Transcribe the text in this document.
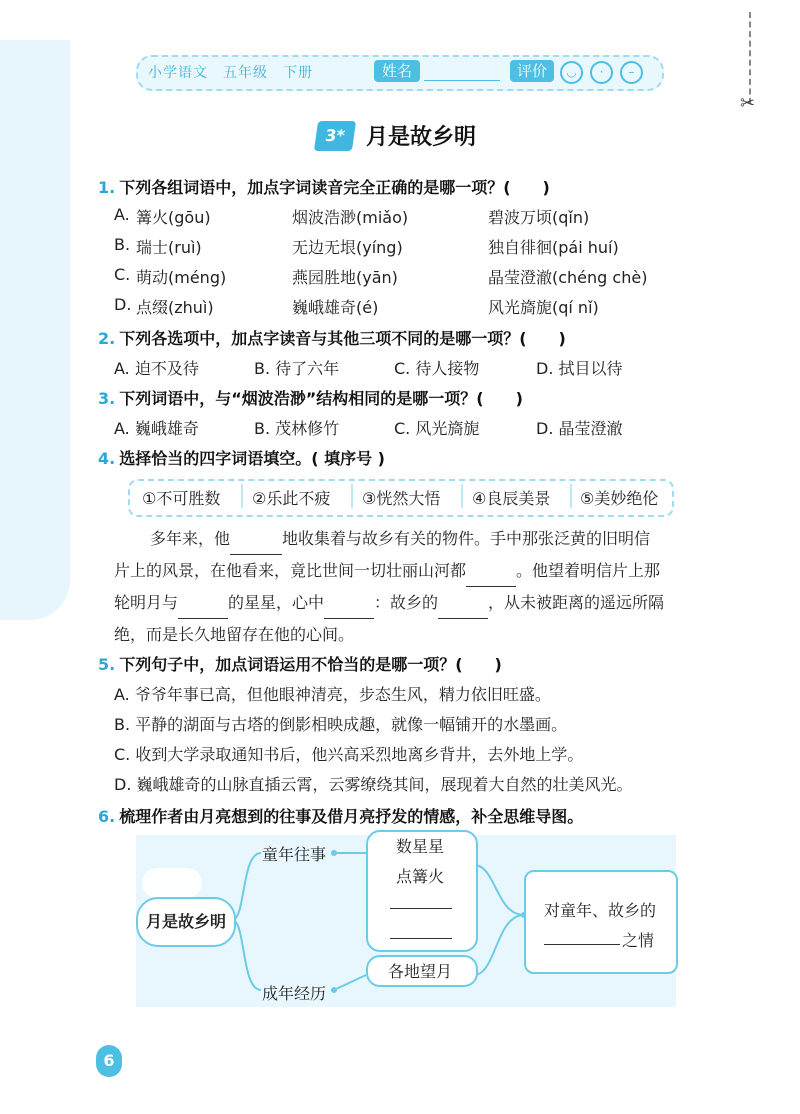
✂
小学语文　五年级　下册	姓名	评价	◡	·	–
3* 月是故乡明
1. 下列各组词语中，加点字词读音完全正确的是哪一项？(　　)
A. 篝火(gōu)	烟波浩渺(miǎo)	碧波万顷(qǐn)
B. 瑞士(ruì)	无边无垠(yíng)	独自徘徊(pái huí)
C. 萌动(méng)	燕园胜地(yān)	晶莹澄澈(chéng chè)
D. 点缀(zhuì)	巍峨雄奇(é)	风光旖旎(qí nǐ)
2. 下列各选项中，加点字读音与其他三项不同的是哪一项？(　　)
A. 迫不及待	B. 待了六年	C. 待人接物	D. 拭目以待
3. 下列词语中，与“烟波浩渺”结构相同的是哪一项？(　　)
A. 巍峨雄奇	B. 茂林修竹	C. 风光旖旎	D. 晶莹澄澈
4. 选择恰当的四字词语填空。( 填序号 )
①不可胜数 ②乐此不疲 ③恍然大悟 ④良辰美景 ⑤美妙绝伦
多年来，他	地收集着与故乡有关的物件。手中那张泛黄的旧明信
片上的风景，在他看来，竟比世间一切壮丽山河都	。他望着明信片上那
轮明月与	的星星，心中	：故乡的	，从未被距离的遥远所隔
绝，而是长久地留存在他的心间。
5. 下列句子中，加点词语运用不恰当的是哪一项？(　　)
A. 爷爷年事已高，但他眼神清亮，步态生风，精力依旧旺盛。
B. 平静的湖面与古塔的倒影相映成趣，就像一幅铺开的水墨画。
C. 收到大学录取通知书后，他兴高采烈地离乡背井，去外地上学。
D. 巍峨雄奇的山脉直插云霄，云雾缭绕其间，展现着大自然的壮美风光。
6. 梳理作者由月亮想到的往事及借月亮抒发的情感，补全思维导图。
月是故乡明
童年往事
成年经历
数星星
点篝火
各地望月
对童年、故乡的
之情
6
